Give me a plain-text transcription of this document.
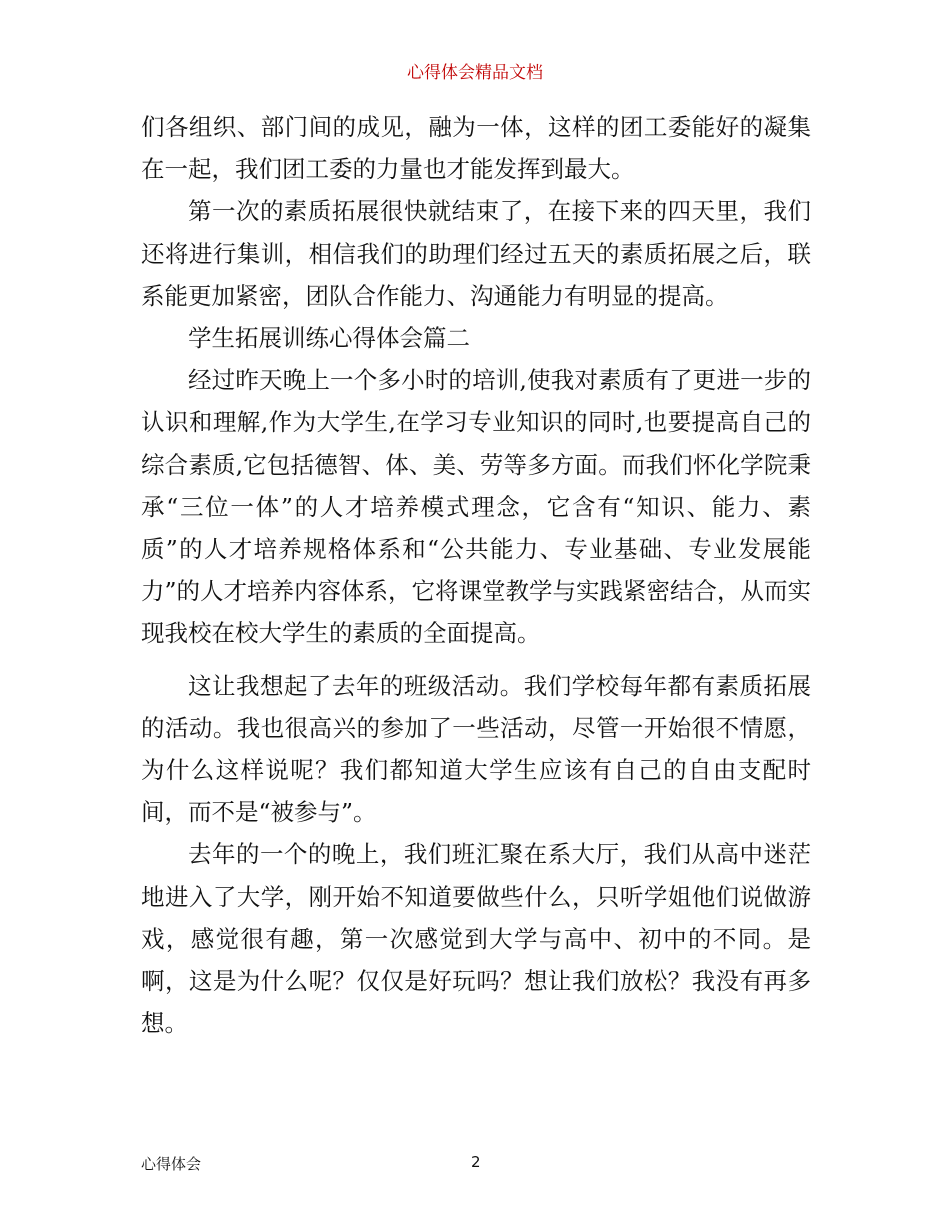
心得体会精品文档

们各组织、部门间的成见，融为一体，这样的团工委能好的凝集在一起，我们团工委的力量也才能发挥到最大。

第一次的素质拓展很快就结束了，在接下来的四天里，我们还将进行集训，相信我们的助理们经过五天的素质拓展之后，联系能更加紧密，团队合作能力、沟通能力有明显的提高。

学生拓展训练心得体会篇二

经过昨天晚上一个多小时的培训,使我对素质有了更进一步的认识和理解,作为大学生,在学习专业知识的同时,也要提高自己的综合素质,它包括德智、体、美、劳等多方面。而我们怀化学院秉承“三位一体”的人才培养模式理念，它含有“知识、能力、素质”的人才培养规格体系和“公共能力、专业基础、专业发展能力”的人才培养内容体系，它将课堂教学与实践紧密结合，从而实现我校在校大学生的素质的全面提高。

这让我想起了去年的班级活动。我们学校每年都有素质拓展的活动。我也很高兴的参加了一些活动，尽管一开始很不情愿，为什么这样说呢？我们都知道大学生应该有自己的自由支配时间，而不是“被参与”。

去年的一个的晚上，我们班汇聚在系大厅，我们从高中迷茫地进入了大学，刚开始不知道要做些什么，只听学姐他们说做游戏，感觉很有趣，第一次感觉到大学与高中、初中的不同。是啊，这是为什么呢？仅仅是好玩吗？想让我们放松？我没有再多想。

心得体会	2
